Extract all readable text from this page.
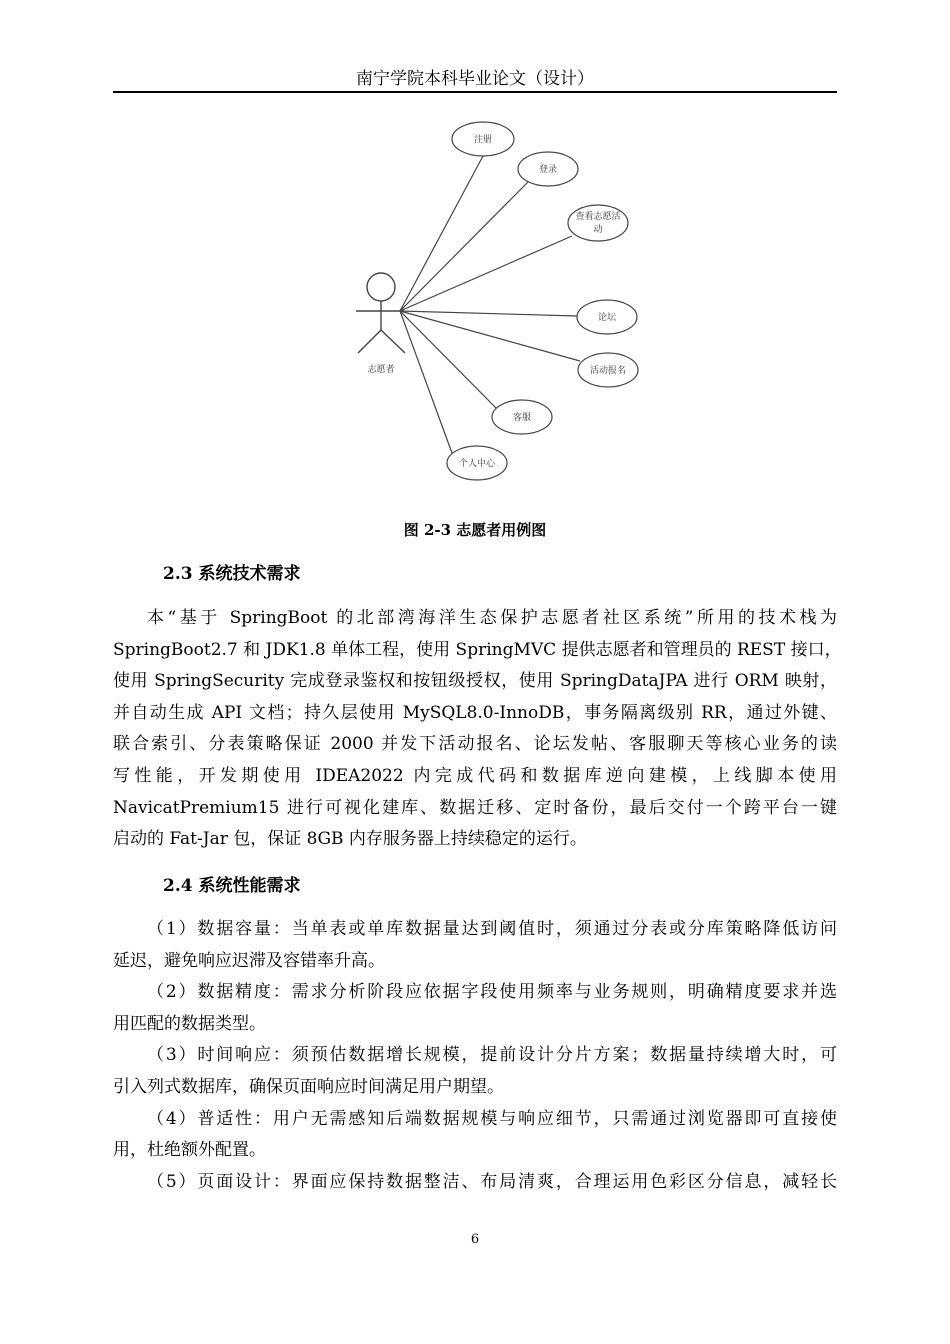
南宁学院本科毕业论文（设计）
志愿者
注册
登录
查看志愿活
动
论坛
活动报名
客服
个人中心
图 2-3 志愿者用例图
2.3 系统技术需求
本“基于 SpringBoot 的北部湾海洋生态保护志愿者社区系统”所用的技术栈为
SpringBoot2.7 和 JDK1.8 单体工程，使用 SpringMVC 提供志愿者和管理员的 REST 接口，
使用 SpringSecurity 完成登录鉴权和按钮级授权，使用 SpringDataJPA 进行 ORM 映射，
并自动生成 API 文档；持久层使用 MySQL8.0-InnoDB，事务隔离级别 RR，通过外键、
联合索引、分表策略保证 2000 并发下活动报名、论坛发帖、客服聊天等核心业务的读
写性能，开发期使用 IDEA2022 内完成代码和数据库逆向建模，上线脚本使用
NavicatPremium15 进行可视化建库、数据迁移、定时备份，最后交付一个跨平台一键
启动的 Fat-Jar 包，保证 8GB 内存服务器上持续稳定的运行。
2.4 系统性能需求
（1）数据容量：当单表或单库数据量达到阈值时，须通过分表或分库策略降低访问
延迟，避免响应迟滞及容错率升高。
（2）数据精度：需求分析阶段应依据字段使用频率与业务规则，明确精度要求并选
用匹配的数据类型。
（3）时间响应：须预估数据增长规模，提前设计分片方案；数据量持续增大时，可
引入列式数据库，确保页面响应时间满足用户期望。
（4）普适性：用户无需感知后端数据规模与响应细节，只需通过浏览器即可直接使
用，杜绝额外配置。
（5）页面设计：界面应保持数据整洁、布局清爽，合理运用色彩区分信息，减轻长
6
